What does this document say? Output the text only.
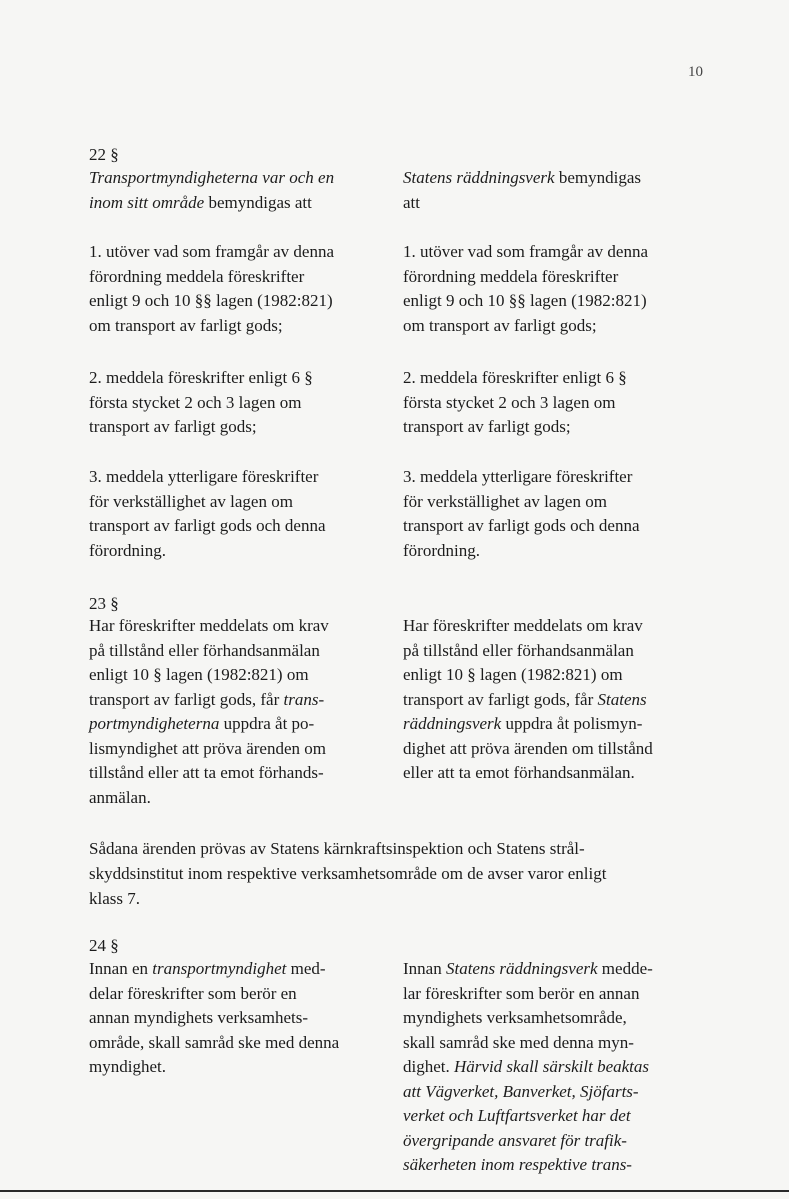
10
22 §
Transportmyndigheterna var och en
inom sitt område bemyndigas att
Statens räddningsverk bemyndigas
att
1. utöver vad som framgår av denna
förordning meddela föreskrifter
enligt 9 och 10 §§ lagen (1982:821)
om transport av farligt gods;
1. utöver vad som framgår av denna
förordning meddela föreskrifter
enligt 9 och 10 §§ lagen (1982:821)
om transport av farligt gods;
2. meddela föreskrifter enligt 6 §
första stycket 2 och 3 lagen om
transport av farligt gods;
2. meddela föreskrifter enligt 6 §
första stycket 2 och 3 lagen om
transport av farligt gods;
3. meddela ytterligare föreskrifter
för verkställighet av lagen om
transport av farligt gods och denna
förordning.
3. meddela ytterligare föreskrifter
för verkställighet av lagen om
transport av farligt gods och denna
förordning.
23 §
Har föreskrifter meddelats om krav
på tillstånd eller förhandsanmälan
enligt 10 § lagen (1982:821) om
transport av farligt gods, får trans-
portmyndigheterna uppdra åt po-
lismyndighet att pröva ärenden om
tillstånd eller att ta emot förhands-
anmälan.
Har föreskrifter meddelats om krav
på tillstånd eller förhandsanmälan
enligt 10 § lagen (1982:821) om
transport av farligt gods, får Statens
räddningsverk uppdra åt polismyn-
dighet att pröva ärenden om tillstånd
eller att ta emot förhandsanmälan.
Sådana ärenden prövas av Statens kärnkraftsinspektion och Statens strål-
skyddsinstitut inom respektive verksamhetsområde om de avser varor enligt
klass 7.
24 §
Innan en transportmyndighet med-
delar föreskrifter som berör en
annan myndighets verksamhets-
område, skall samråd ske med denna
myndighet.
Innan Statens räddningsverk medde-
lar föreskrifter som berör en annan
myndighets verksamhetsområde,
skall samråd ske med denna myn-
dighet. Härvid skall särskilt beaktas
att Vägverket, Banverket, Sjöfarts-
verket och Luftfartsverket har det
övergripande ansvaret för trafik-
säkerheten inom respektive trans-
